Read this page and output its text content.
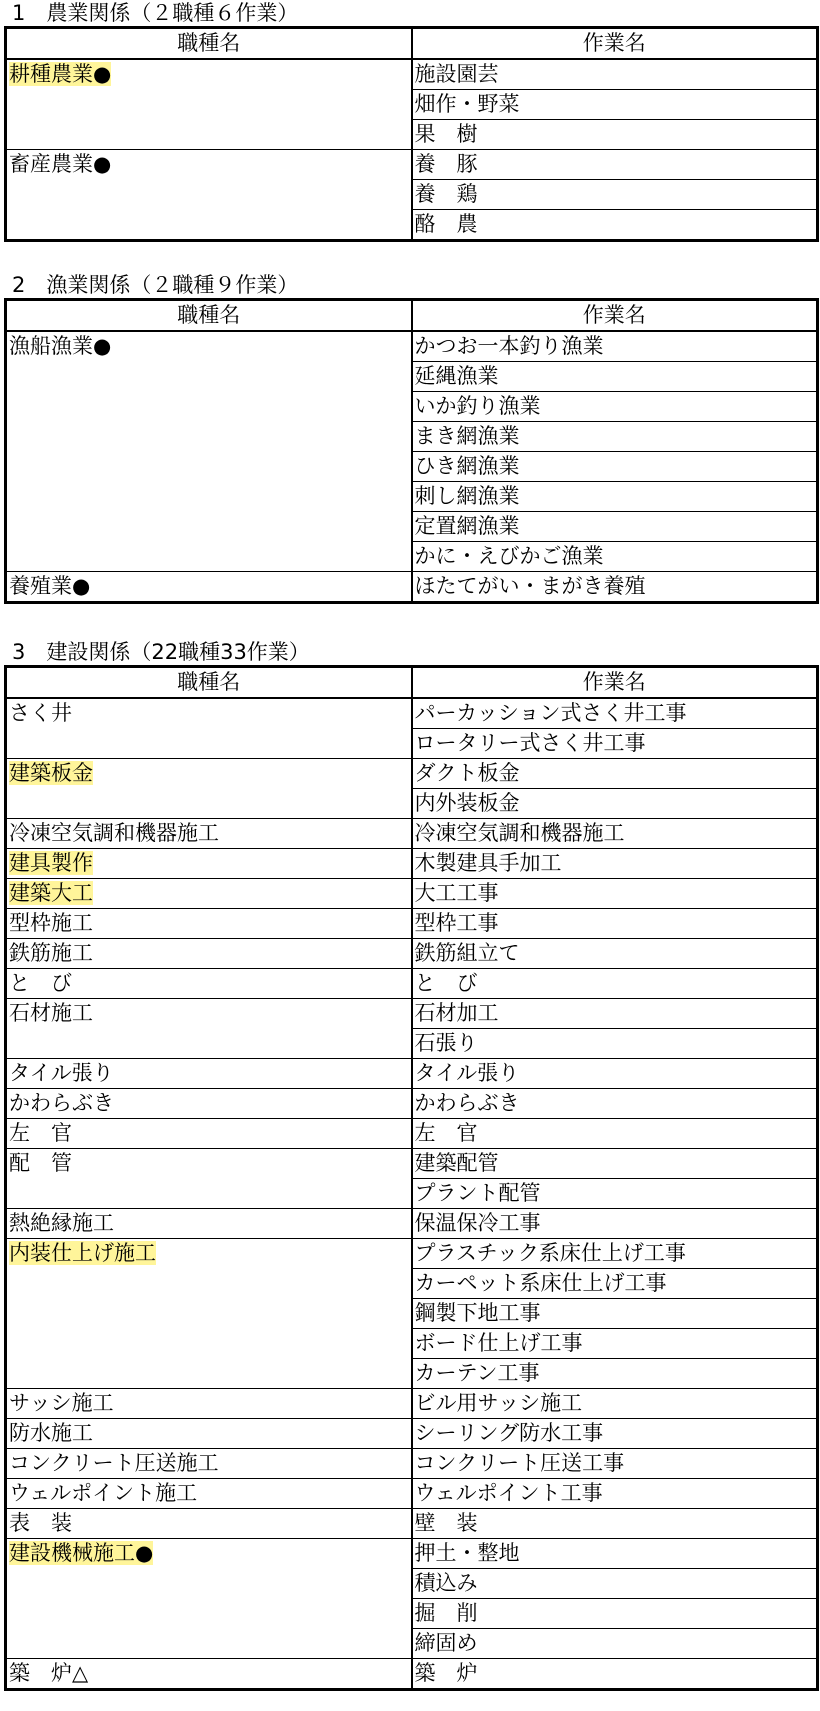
1　農業関係（２職種６作業）
職種名	作業名
耕種農業●	施設園芸
	畑作・野菜
	果　樹
畜産農業●	養　豚
	養　鶏
	酪　農
2　漁業関係（２職種９作業）
職種名	作業名
漁船漁業●	かつお一本釣り漁業
	延縄漁業
	いか釣り漁業
	まき網漁業
	ひき網漁業
	刺し網漁業
	定置網漁業
	かに・えびかご漁業
養殖業●	ほたてがい・まがき養殖
3　建設関係（22職種33作業）
職種名	作業名
さく井	パーカッション式さく井工事
	ロータリー式さく井工事
建築板金	ダクト板金
	内外装板金
冷凍空気調和機器施工	冷凍空気調和機器施工
建具製作	木製建具手加工
建築大工	大工工事
型枠施工	型枠工事
鉄筋施工	鉄筋組立て
と　び	と　び
石材施工	石材加工
	石張り
タイル張り	タイル張り
かわらぶき	かわらぶき
左　官	左　官
配　管	建築配管
	プラント配管
熱絶縁施工	保温保冷工事
内装仕上げ施工	プラスチック系床仕上げ工事
	カーペット系床仕上げ工事
	鋼製下地工事
	ボード仕上げ工事
	カーテン工事
サッシ施工	ビル用サッシ施工
防水施工	シーリング防水工事
コンクリート圧送施工	コンクリート圧送工事
ウェルポイント施工	ウェルポイント工事
表　装	壁　装
建設機械施工●	押土・整地
	積込み
	掘　削
	締固め
築　炉△	築　炉
